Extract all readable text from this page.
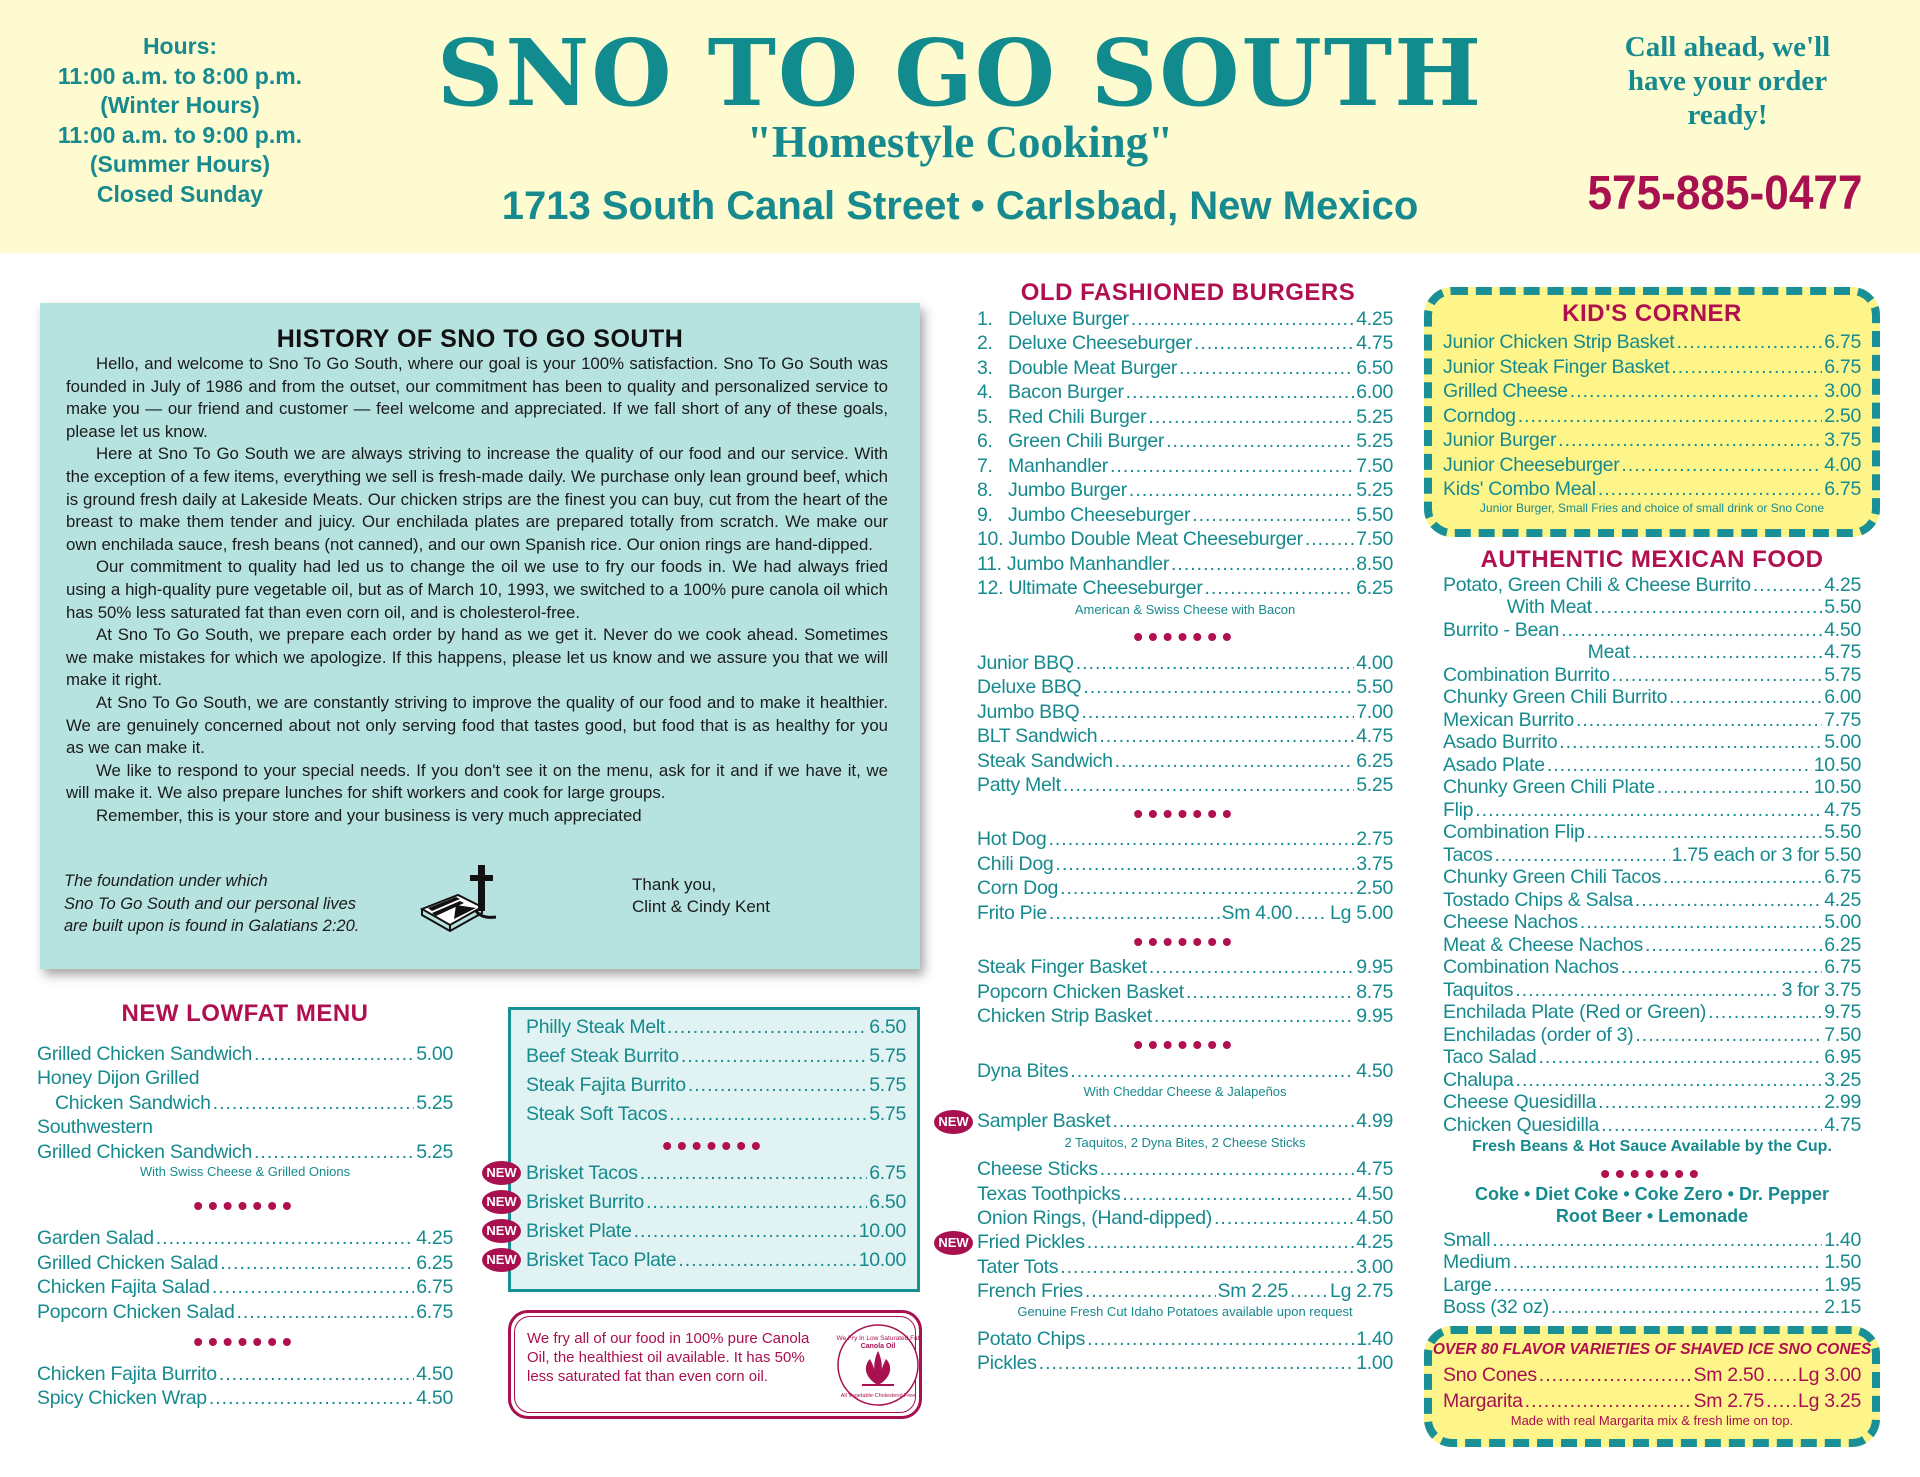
Hours:
11:00 a.m. to 8:00 p.m.
(Winter Hours)
11:00 a.m. to 9:00 p.m.
(Summer Hours)
Closed Sunday
SNO TO GO SOUTH
"Homestyle Cooking"
1713 South Canal Street • Carlsbad, New Mexico
Call ahead, we'll
have your order
ready!
575-885-0477
HISTORY OF SNO TO GO SOUTH

Hello, and welcome to Sno To Go South, where our goal is your 100% satisfaction. Sno To Go South was founded in July of 1986 and from the outset, our commitment has been to quality and personalized service to make you — our friend and customer — feel welcome and appreciated. If we fall short of any of these goals, please let us know.

Here at Sno To Go South we are always striving to increase the quality of our food and our service. With the exception of a few items, everything we sell is fresh-made daily. We purchase only lean ground beef, which is ground fresh daily at Lakeside Meats. Our chicken strips are the finest you can buy, cut from the heart of the breast to make them tender and juicy. Our enchilada plates are prepared totally from scratch. We make our own enchilada sauce, fresh beans (not canned), and our own Spanish rice. Our onion rings are hand-dipped.

Our commitment to quality had led us to change the oil we use to fry our foods in. We had always fried using a high-quality pure vegetable oil, but as of March 10, 1993, we switched to a 100% pure canola oil which has 50% less saturated fat than even corn oil, and is cholesterol-free.

At Sno To Go South, we prepare each order by hand as we get it. Never do we cook ahead. Sometimes we make mistakes for which we apologize. If this happens, please let us know and we assure you that we will make it right.

At Sno To Go South, we are constantly striving to improve the quality of our food and to make it healthier. We are genuinely concerned about not only serving food that tastes good, but food that is as healthy for you as we can make it.

We like to respond to your special needs. If you don't see it on the menu, ask for it and if we have it, we will make it. We also prepare lunches for shift workers and cook for large groups.

Remember, this is your store and your business is very much appreciated

The foundation under which
Sno To Go South and our personal lives
are built upon is found in Galatians 2:20.
Thank you,
Clint & Cindy Kent
NEW LOWFAT MENU
Grilled Chicken Sandwich .....	5.00
Honey Dijon Grilled
Chicken Sandwich .....	5.25
Southwestern
Grilled Chicken Sandwich .....	5.25
With Swiss Cheese & Grilled Onions
•••••••
Garden Salad .....	4.25
Grilled Chicken Salad .....	6.25
Chicken Fajita Salad .....	6.75
Popcorn Chicken Salad .....	6.75
•••••••
Chicken Fajita Burrito .....	4.50
Spicy Chicken Wrap .....	4.50
Philly Steak Melt .....	6.50
Beef Steak Burrito .....	5.75
Steak Fajita Burrito .....	5.75
Steak Soft Tacos .....	5.75
•••••••
NEW Brisket Tacos .....	6.75
NEW Brisket Burrito .....	6.50
NEW Brisket Plate .....	10.00
NEW Brisket Taco Plate .....	10.00
We fry all of our food in 100% pure Canola Oil, the healthiest oil available. It has 50% less saturated fat than even corn oil.
We Fry In Low Saturated Fat
Canola Oil
All Vegetable-Cholesterol Free
OLD FASHIONED BURGERS
1.   Deluxe Burger .....	4.25
2.   Deluxe Cheeseburger .....	4.75
3.   Double Meat Burger .....	6.50
4.   Bacon Burger .....	6.00
5.   Red Chili Burger .....	5.25
6.   Green Chili Burger .....	5.25
7.   Manhandler .....	7.50
8.   Jumbo Burger .....	5.25
9.   Jumbo Cheeseburger .....	5.50
10. Jumbo Double Meat Cheeseburger .....	7.50
11. Jumbo Manhandler .....	8.50
12. Ultimate Cheeseburger .....	6.25
American & Swiss Cheese with Bacon
•••••••
Junior BBQ .....	4.00
Deluxe BBQ .....	5.50
Jumbo BBQ .....	7.00
BLT Sandwich .....	4.75
Steak Sandwich .....	6.25
Patty Melt .....	5.25
•••••••
Hot Dog .....	2.75
Chili Dog .....	3.75
Corn Dog .....	2.50
Frito Pie .....	Sm 4.00 ..... Lg 5.00
•••••••
Steak Finger Basket .....	9.95
Popcorn Chicken Basket .....	8.75
Chicken Strip Basket .....	9.95
•••••••
Dyna Bites .....	4.50
With Cheddar Cheese & Jalapeños
NEW Sampler Basket .....	4.99
2 Taquitos, 2 Dyna Bites, 2 Cheese Sticks
Cheese Sticks .....	4.75
Texas Toothpicks .....	4.50
Onion Rings, (Hand-dipped) .....	4.50
NEW Fried Pickles .....	4.25
Tater Tots .....	3.00
French Fries .....	Sm 2.25 ..... Lg 2.75
Genuine Fresh Cut Idaho Potatoes available upon request
Potato Chips .....	1.40
Pickles .....	1.00
KID'S CORNER
Junior Chicken Strip Basket .....	6.75
Junior Steak Finger Basket .....	6.75
Grilled Cheese .....	3.00
Corndog .....	2.50
Junior Burger .....	3.75
Junior Cheeseburger .....	4.00
Kids' Combo Meal .....	6.75
Junior Burger, Small Fries and choice of small drink or Sno Cone
AUTHENTIC MEXICAN FOOD
Potato, Green Chili & Cheese Burrito .....	4.25
With Meat .....	5.50
Burrito - Bean .....	4.50
Meat .....	4.75
Combination Burrito .....	5.75
Chunky Green Chili Burrito .....	6.00
Mexican Burrito .....	7.75
Asado Burrito .....	5.00
Asado Plate .....	10.50
Chunky Green Chili Plate .....	10.50
Flip .....	4.75
Combination Flip .....	5.50
Tacos .....	1.75 each or 3 for 5.50
Chunky Green Chili Tacos .....	6.75
Tostado Chips & Salsa .....	4.25
Cheese Nachos .....	5.00
Meat & Cheese Nachos .....	6.25
Combination Nachos .....	6.75
Taquitos .....	3 for 3.75
Enchilada Plate (Red or Green) .....	9.75
Enchiladas (order of 3) .....	7.50
Taco Salad .....	6.95
Chalupa .....	3.25
Cheese Quesidilla .....	2.99
Chicken Quesidilla .....	4.75
Fresh Beans & Hot Sauce Available by the Cup.
•••••••
Coke • Diet Coke • Coke Zero • Dr. Pepper
Root Beer • Lemonade
Small .....	1.40
Medium .....	1.50
Large .....	1.95
Boss (32 oz) .....	2.15
OVER 80 FLAVOR VARIETIES OF SHAVED ICE SNO CONES
Sno Cones .....	Sm 2.50 ..... Lg 3.00
Margarita .....	Sm 2.75 ..... Lg 3.25
Made with real Margarita mix & fresh lime on top.
